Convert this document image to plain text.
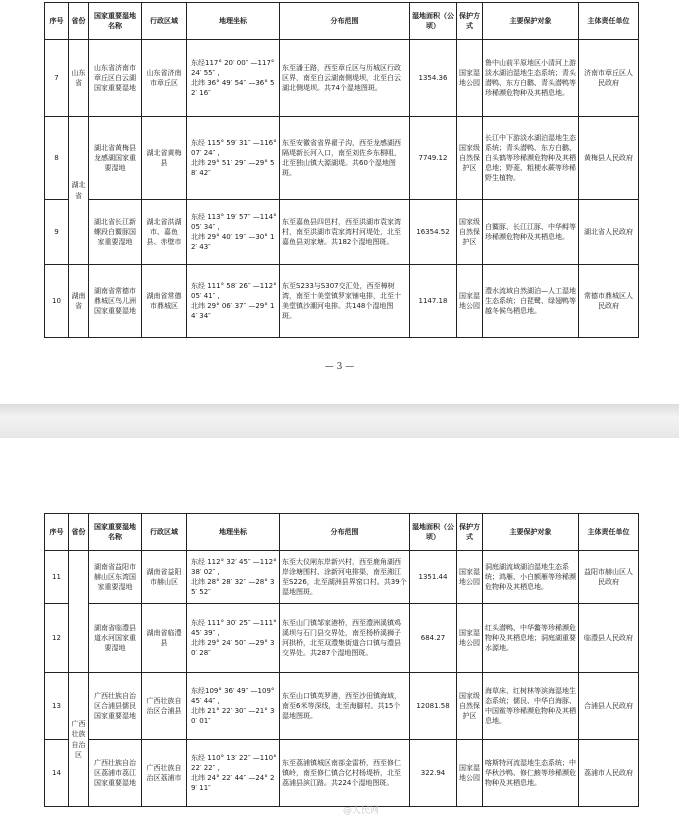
序号	省份	国家重要湿地名称	行政区域	地理坐标	分布范围	湿地面积（公顷）	保护方式	主要保护对象	主体责任单位
7	山东省	山东省济南市章丘区白云湖国家重要湿地	山东省济南市章丘区	东经117° 20′ 00″ —117° 24′ 55″ ,
北纬 36° 49′ 54″ —36° 52′ 16″	东至潘王路，西至章丘区与历城区行政区界，南至白云湖南侧堤坝，北至白云湖北侧堤坝。共74个湿地图斑。	1354.36	国家湿地公园	鲁中山前平原地区小清河上游淡水湖泊湿地生态系统；青头潜鸭、东方白鹳、青头潜鸭等珍稀濒危物种及其栖息地。	济南市章丘区人民政府
8	湖北省	湖北省黄梅县龙感湖国家重要湿地	湖北省黄梅县	东经 115° 59′ 31″ —116° 07′ 24″ ,
北纬 29° 51′ 29″ —29° 58′ 42″	东至安徽省省界翟子沟，西至龙感湖西隔堤新长河入口，南至刘佐乡东桐咀，北至独山镇大源湖堤。共60个湿地图斑。	7749.12	国家级自然保护区	长江中下游淡水湖泊湿地生态系统；青头潜鸭、东方白鹳、白头鹤等珍稀濒危物种及其栖息地；野菱、粗梗水蕨等珍稀野生植物。	黄梅县人民政府
9		湖北省长江新螺段白鱀豚国家重要湿地	湖北省洪湖市、嘉鱼县、赤壁市	东经 113° 19′ 57″ —114° 05′ 34″ ,
北纬 29° 40′ 19″ —30° 12′ 43″	东至嘉鱼县四邑村，西至洪湖市袁家湾村，南至洪湖市袁家湾村河堤处，北至嘉鱼县刘家塘。共182个湿地图斑。	16354.52	国家级自然保护区	白鱀豚、长江江豚、中华鲟等珍稀濒危物种及其栖息地。	湖北省人民政府
10	湖南省	湖南省常德市鼎城区鸟儿洲国家重要湿地	湖南省常德市鼎城区	东经 111° 58′ 26″ —112° 05′ 41″ ,
北纬 29° 06′ 37″ —29° 14′ 34″	东至S233与S307交汇处，西至樟树湾，南至十美堂镇罗家铺电排，北至十美堂镇沙潮河电排。共148个湿地图斑。	1147.18	国家湿地公园	澧水流域自然湖泊—人工湿地生态系统；白琵鹭、绿翅鸭等越冬候鸟栖息地。	常德市鼎城区人民政府
— 3 —
序号	省份	国家重要湿地名称	行政区域	地理坐标	分布范围	湿地面积（公顷）	保护方式	主要保护对象	主体责任单位
11		湖南省益阳市赫山区东湾国家重要湿地	湖南省益阳市赫山区	东经 112° 32′ 45″ —112° 38′ 02″ ,
北纬 28° 28′ 32″ —28° 35′ 52″	东至大仪闸东岸新兴村，西至鹿角湖西岸涂塘围村、涂新河电排渠，南至湘江至S226，北至湖洲县界窑口村。共39个湿地图斑。	1351.44	国家湿地公园	洞庭湖流域湖泊湿地生态系统；鸿雁、小白额雁等珍稀濒危物种及其栖息地。	益阳市赫山区人民政府
12		湖南省临澧县道水河国家重要湿地	湖南省临澧县	东经 111° 30′ 25″ —111° 45′ 39″ ,
北纬 29° 24′ 50″ —29° 30′ 28″	东至山门镇邹家港桥，西至澧洲溪镇鸡溪坝与石门县交界处，南至杨桥溪狮子河拱桥，北至双澧集街道合口镇与澧县交界处。共287个湿地图斑。	684.27	国家湿地公园	红头潜鸭、中华鳖等珍稀濒危物种及其栖息地；洞庭湖重要水源地。	临澧县人民政府
13	广西壮族自治区	广西壮族自治区合浦县儒艮国家重要湿地	广西壮族自治区合浦县	东经109° 36′ 49″ —109° 45′ 44″ ,
北纬 21° 22′ 30″ —21° 30′ 01″	东至山口镇英罗港，西至沙田镇海域，南至6米等深线，北至海脚村。共15个湿地图斑。	12081.58	国家级自然保护区	海草床、红树林等滨海湿地生态系统；儒艮、中华白海豚、中国鲎等珍稀濒危物种及其栖息地。	合浦县人民政府
14		广西壮族自治区荔浦市荔江国家重要湿地	广西壮族自治区荔浦市	东经 110° 13′ 22″ —110° 22′ 22″ ,
北纬 24° 22′ 44″ —24° 29′ 11″	东至荔浦镇城区南部金雷桥，西至修仁镇岭，南至修仁镇合亿村杨堤桥，北至荔浦县滨江路。共224个湿地图斑。	322.94	国家湿地公园	喀斯特河流湿地生态系统；中华秋沙鸭、修仁鮻等珍稀濒危物种及其栖息地。	荔浦市人民政府
@人民网
